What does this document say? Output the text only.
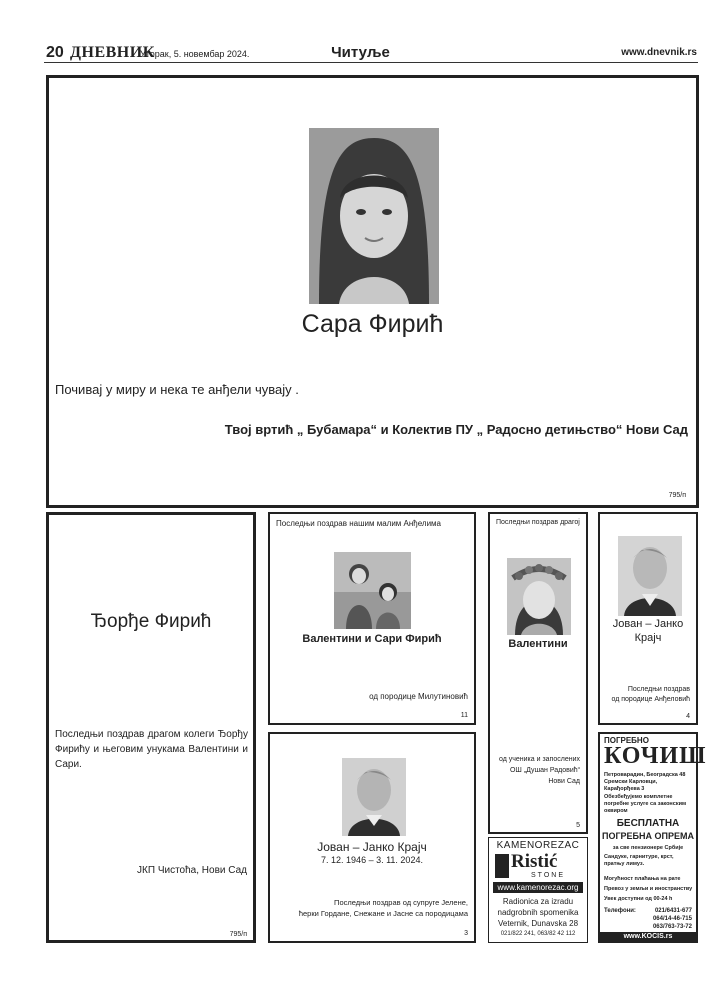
20 ДНЕВНИК
Уторак, 5. новембар 2024.	Читуље	www.dnevnik.rs
Сара Фирић
Почивај у миру и нека те анђели чувају .
Твој вртић „ Бубамара“ и Колектив ПУ „ Радосно детињство“ Нови Сад
795/п
Ђорђе Фирић
Последњи поздрав драгом колеги Ђорђу Фирићу и његовим унукама Валентини и Сари.
ЈКП Чистоћа, Нови Сад
795/п
Последњи поздрав нашим малим Анђелима
Валентини и Сари Фирић
од породице Милутиновић
11
Последњи поздрав драгој
Валентини
од ученика и запослених
ОШ „Душан Радовић“
Нови Сад
5
Јован – Јанко
Крајч
Последњи поздрав
од породице Анђеловић
4
Јован – Јанко Крајч
7. 12. 1946 – 3. 11. 2024.
Последњи поздрав од супруге Јелене,
ћерки Гордане, Снежане и Јасне са породицама
3
KAMENOREZAC
Ristić
STONE
www.kamenorezac.org
Radionica za izradu
nadgrobnih spomenika
Veternik, Dunavska 28
021/822 241, 063/82 42 112
ПОГРЕБНО
КОЧИШ
Петроварадин, Београдска 48 Сремски Карловци, Карађорђева 3
Обезбеђујемо комплетне погребне услуге са законским оквиром
БЕСПЛАТНА
ПОГРЕБНА ОПРЕМА
за све пензионере Србије
Сандуке, гарнитуре, крст, пратњу лимуз.
Могућност плаћања на рате
Превоз у земљи и иностранству
Увек доступни од 00-24 h
Телефони:	021/6431-677
064/14-46-715
063/763-73-72
www.KOCIS.rs
